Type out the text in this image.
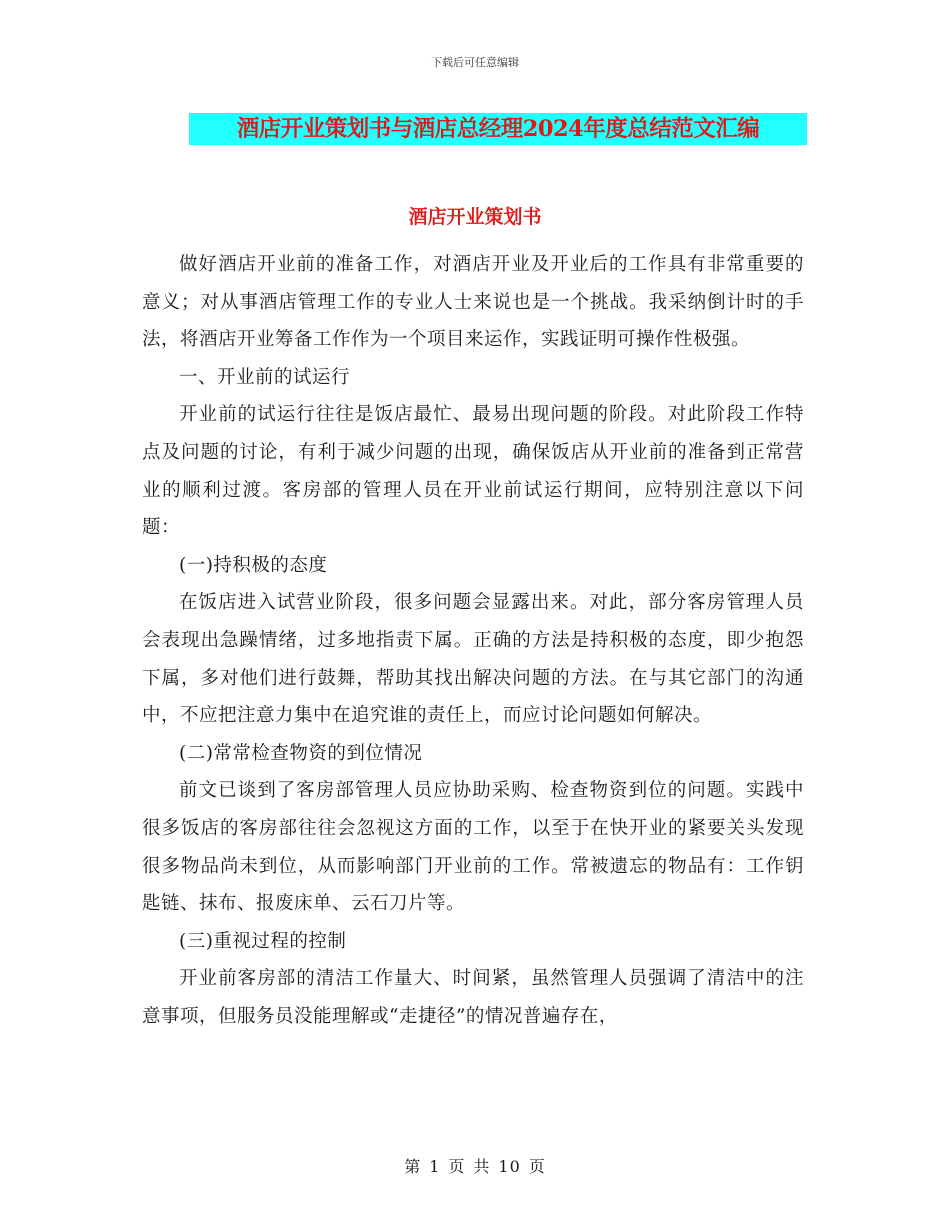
下载后可任意编辑
酒店开业策划书与酒店总经理2024年度总结范文汇编
酒店开业策划书

做好酒店开业前的准备工作，对酒店开业及开业后的工作具有非常重要的意义；对从事酒店管理工作的专业人士来说也是一个挑战。我采纳倒计时的手法，将酒店开业筹备工作作为一个项目来运作，实践证明可操作性极强。

一、开业前的试运行

开业前的试运行往往是饭店最忙、最易出现问题的阶段。对此阶段工作特点及问题的讨论，有利于减少问题的出现，确保饭店从开业前的准备到正常营业的顺利过渡。客房部的管理人员在开业前试运行期间，应特别注意以下问题：

(一)持积极的态度

在饭店进入试营业阶段，很多问题会显露出来。对此，部分客房管理人员会表现出急躁情绪，过多地指责下属。正确的方法是持积极的态度，即少抱怨下属，多对他们进行鼓舞，帮助其找出解决问题的方法。在与其它部门的沟通中，不应把注意力集中在追究谁的责任上，而应讨论问题如何解决。

(二)常常检查物资的到位情况

前文已谈到了客房部管理人员应协助采购、检查物资到位的问题。实践中很多饭店的客房部往往会忽视这方面的工作，以至于在快开业的紧要关头发现很多物品尚未到位，从而影响部门开业前的工作。常被遗忘的物品有：工作钥匙链、抹布、报废床单、云石刀片等。

(三)重视过程的控制

开业前客房部的清洁工作量大、时间紧，虽然管理人员强调了清洁中的注意事项，但服务员没能理解或“走捷径”的情况普遍存在，

第 1 页 共 10 页
